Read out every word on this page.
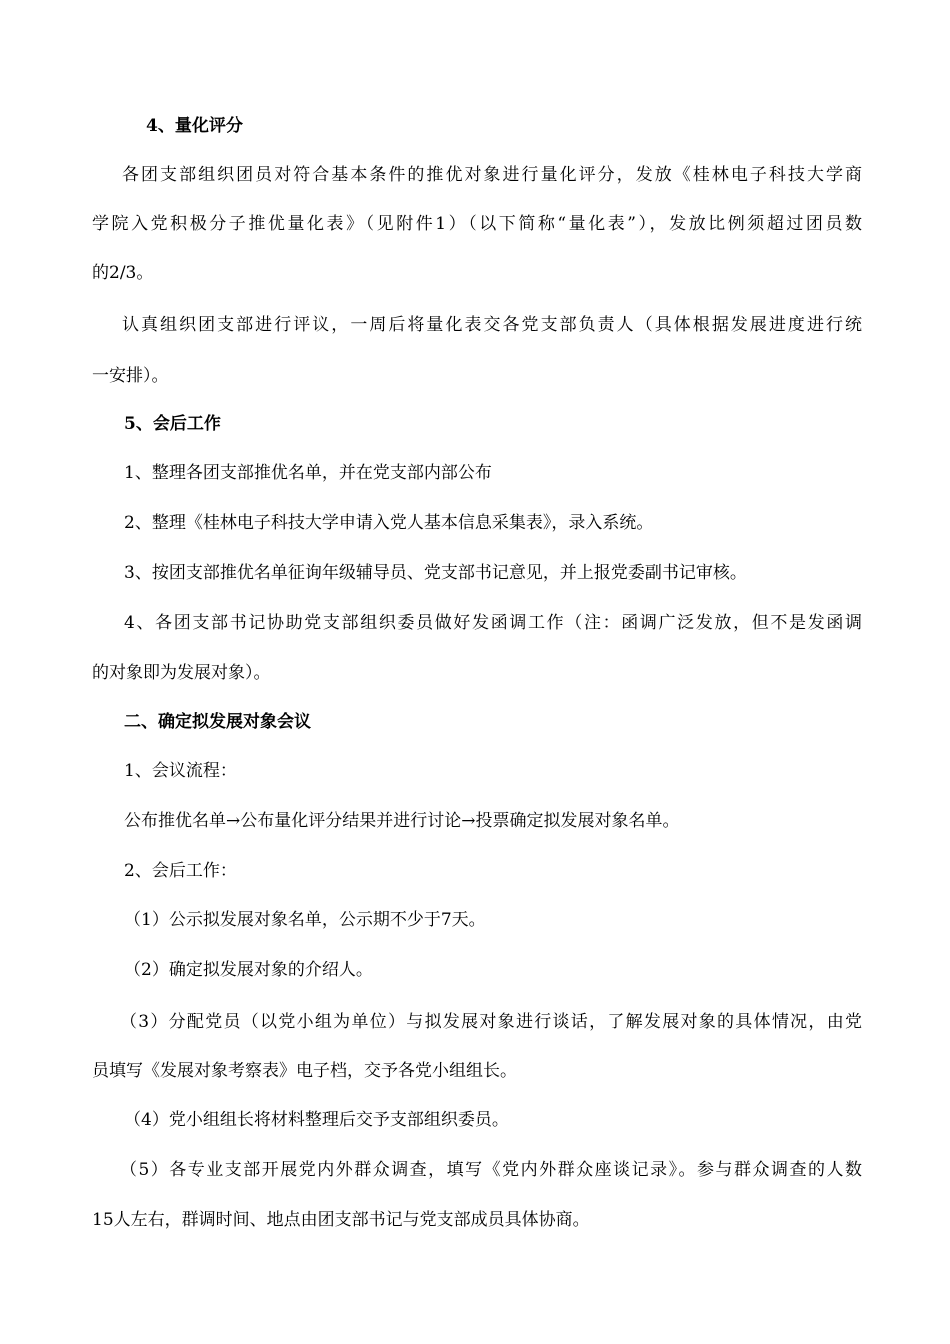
4、量化评分
各团支部组织团员对符合基本条件的推优对象进行量化评分，发放《桂林电子科技大学商
学院入党积极分子推优量化表》（见附件1）（以下简称“量化表”），发放比例须超过团员数
的2/3。
认真组织团支部进行评议，一周后将量化表交各党支部负责人（具体根据发展进度进行统
一安排）。
5、会后工作
1、整理各团支部推优名单，并在党支部内部公布
2、整理《桂林电子科技大学申请入党人基本信息采集表》，录入系统。
3、按团支部推优名单征询年级辅导员、党支部书记意见，并上报党委副书记审核。
4、各团支部书记协助党支部组织委员做好发函调工作（注：函调广泛发放，但不是发函调
的对象即为发展对象）。
二、确定拟发展对象会议
1、会议流程：
公布推优名单→公布量化评分结果并进行讨论→投票确定拟发展对象名单。
2、会后工作：
（1）公示拟发展对象名单，公示期不少于7天。
（2）确定拟发展对象的介绍人。
（3）分配党员（以党小组为单位）与拟发展对象进行谈话，了解发展对象的具体情况，由党
员填写《发展对象考察表》电子档，交予各党小组组长。
（4）党小组组长将材料整理后交予支部组织委员。
（5）各专业支部开展党内外群众调查，填写《党内外群众座谈记录》。参与群众调查的人数
15人左右，群调时间、地点由团支部书记与党支部成员具体协商。
